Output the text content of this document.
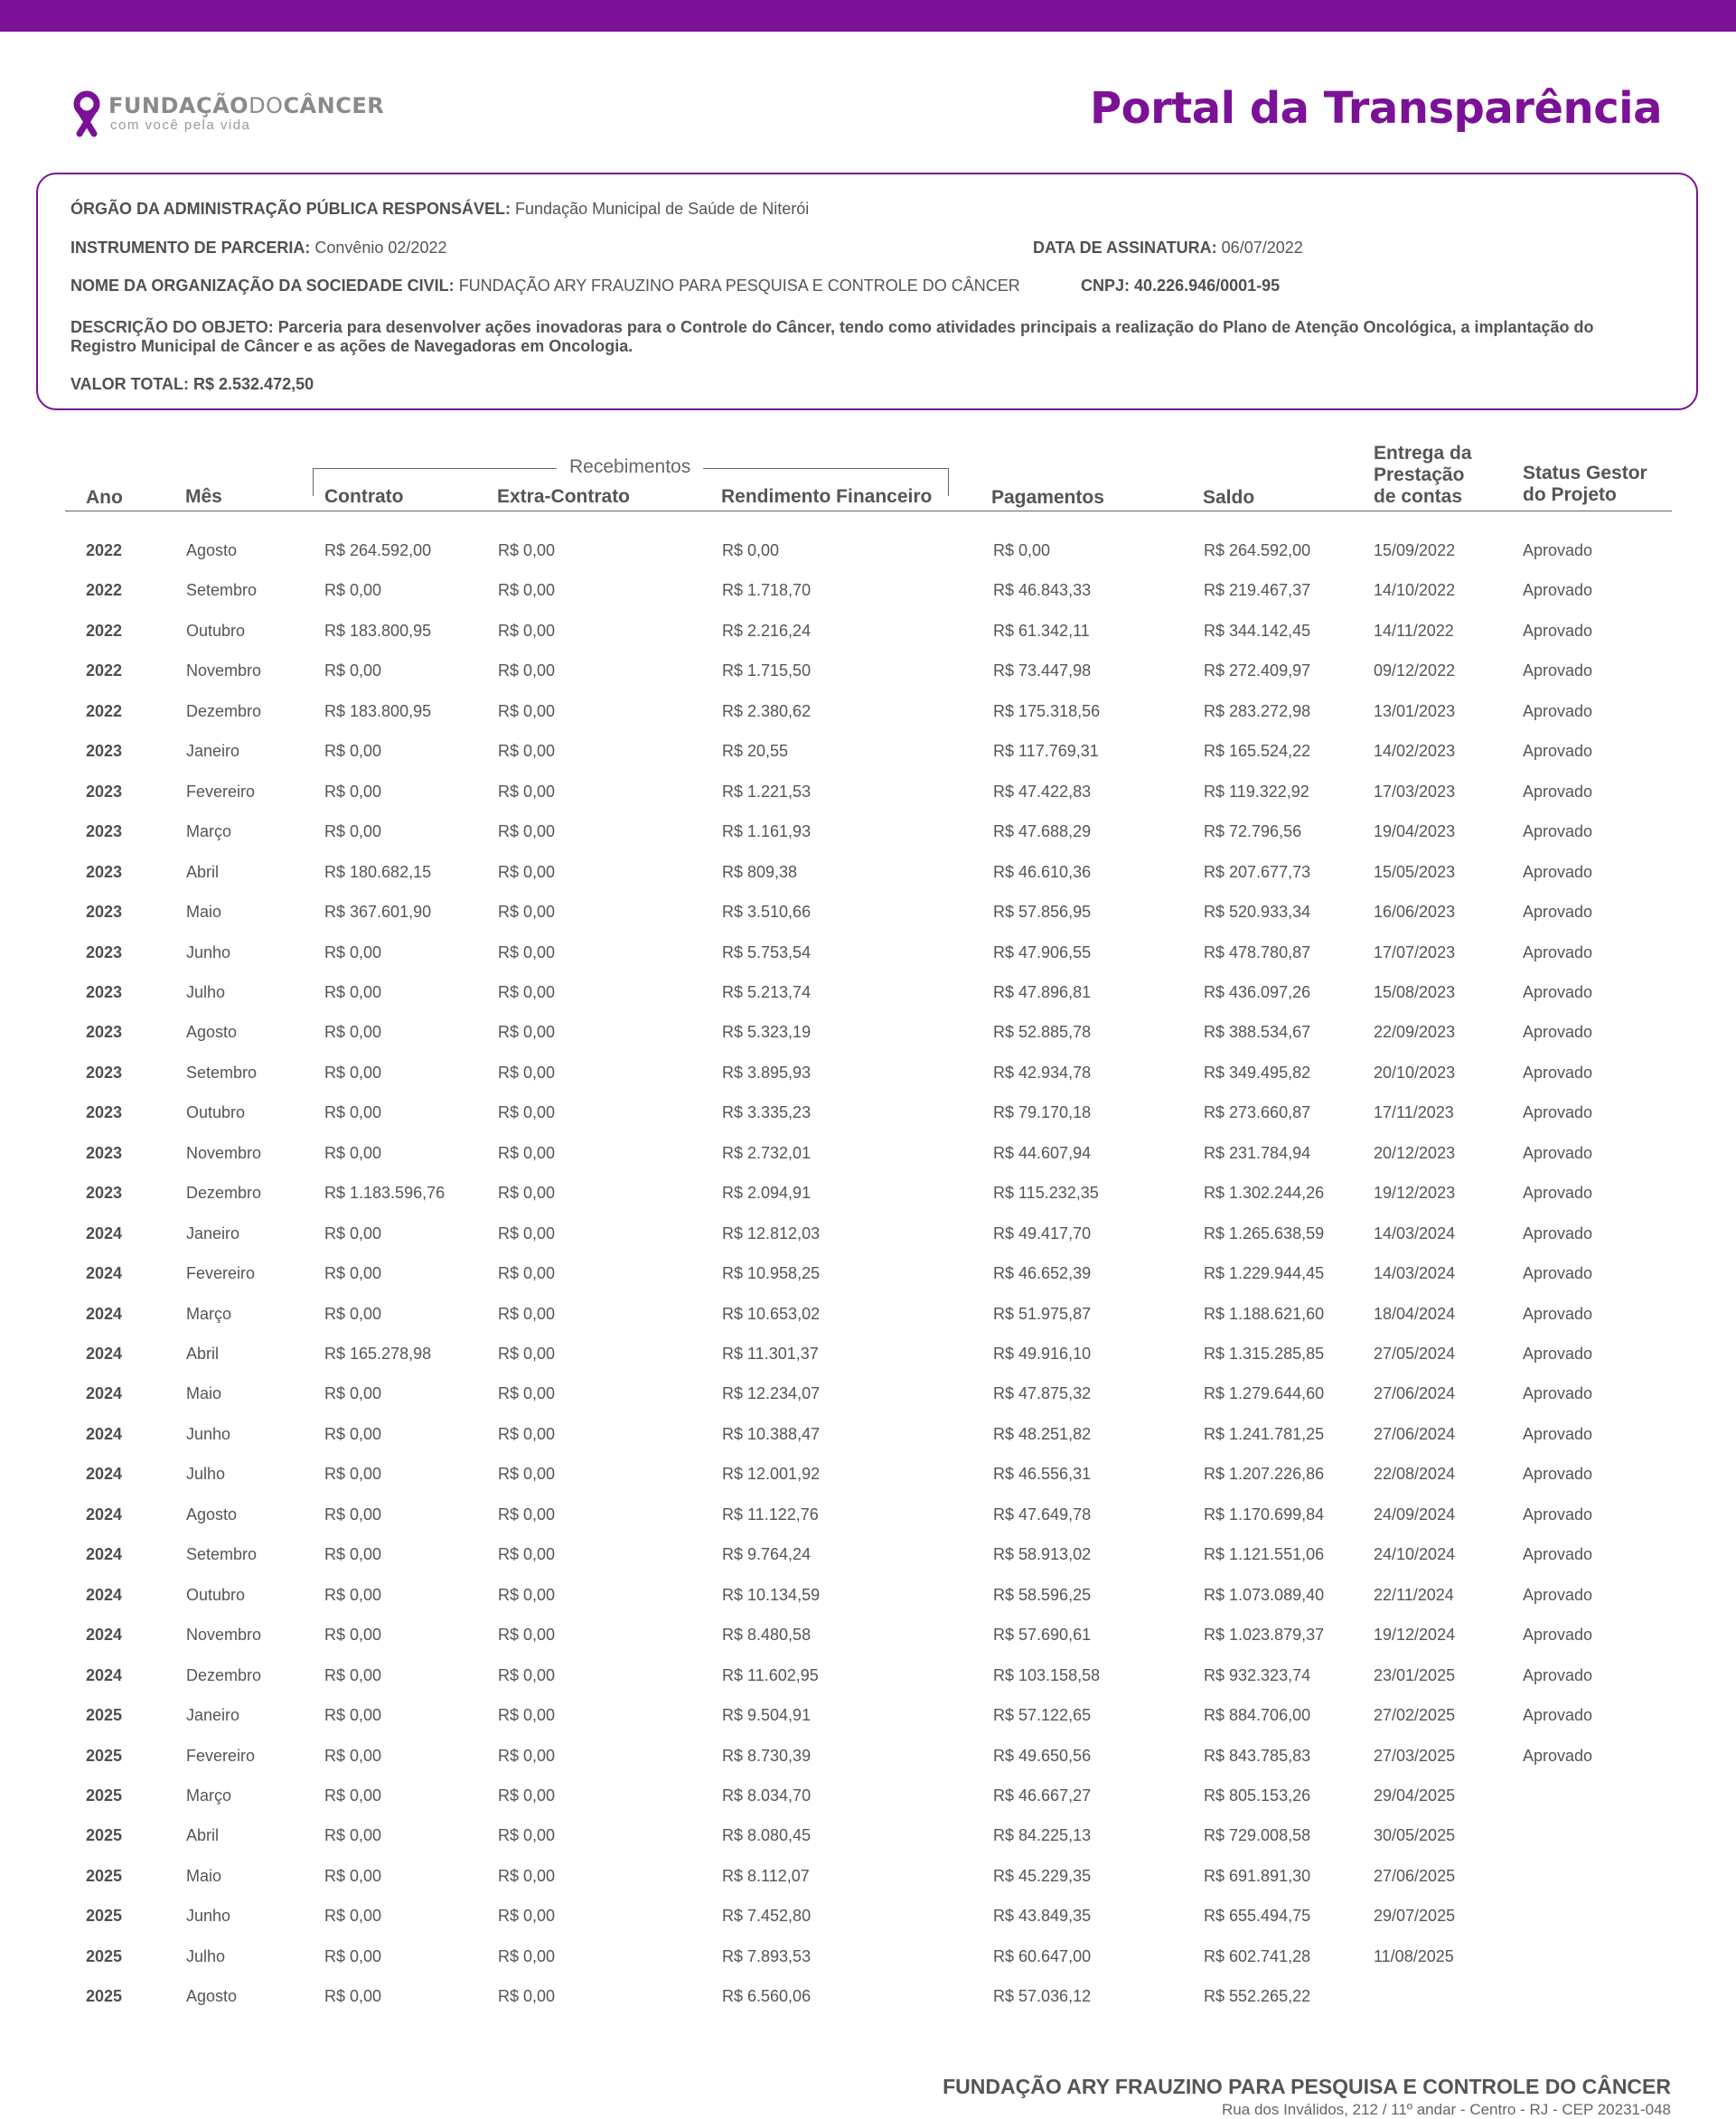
FUNDAÇÃODOCÂNCER
com você pela vida	Portal da Transparência
ÓRGÃO DA ADMINISTRAÇÃO PÚBLICA RESPONSÁVEL: Fundação Municipal de Saúde de Niterói
INSTRUMENTO DE PARCERIA: Convênio 02/2022	DATA DE ASSINATURA: 06/07/2022
NOME DA ORGANIZAÇÃO DA SOCIEDADE CIVIL: FUNDAÇÃO ARY FRAUZINO PARA PESQUISA E CONTROLE DO CÂNCER	CNPJ: 40.226.946/0001-95
DESCRIÇÃO DO OBJETO: Parceria para desenvolver ações inovadoras para o Controle do Câncer, tendo como atividades principais a realização do Plano de Atenção Oncológica, a implantação do Registro Municipal de Câncer e as ações de Navegadoras em Oncologia.
VALOR TOTAL: R$ 2.532.472,50
Recebimentos
Ano	Mês	Contrato	Extra-Contrato	Rendimento Financeiro	Pagamentos	Saldo
Entrega da
Prestação
de contas
Status Gestor
do Projeto
2022	Agosto	R$ 264.592,00	R$ 0,00	R$ 0,00	R$ 0,00	R$ 264.592,00	15/09/2022	Aprovado
2022	Setembro	R$ 0,00	R$ 0,00	R$ 1.718,70	R$ 46.843,33	R$ 219.467,37	14/10/2022	Aprovado
2022	Outubro	R$ 183.800,95	R$ 0,00	R$ 2.216,24	R$ 61.342,11	R$ 344.142,45	14/11/2022	Aprovado
2022	Novembro	R$ 0,00	R$ 0,00	R$ 1.715,50	R$ 73.447,98	R$ 272.409,97	09/12/2022	Aprovado
2022	Dezembro	R$ 183.800,95	R$ 0,00	R$ 2.380,62	R$ 175.318,56	R$ 283.272,98	13/01/2023	Aprovado
2023	Janeiro	R$ 0,00	R$ 0,00	R$ 20,55	R$ 117.769,31	R$ 165.524,22	14/02/2023	Aprovado
2023	Fevereiro	R$ 0,00	R$ 0,00	R$ 1.221,53	R$ 47.422,83	R$ 119.322,92	17/03/2023	Aprovado
2023	Março	R$ 0,00	R$ 0,00	R$ 1.161,93	R$ 47.688,29	R$ 72.796,56	19/04/2023	Aprovado
2023	Abril	R$ 180.682,15	R$ 0,00	R$ 809,38	R$ 46.610,36	R$ 207.677,73	15/05/2023	Aprovado
2023	Maio	R$ 367.601,90	R$ 0,00	R$ 3.510,66	R$ 57.856,95	R$ 520.933,34	16/06/2023	Aprovado
2023	Junho	R$ 0,00	R$ 0,00	R$ 5.753,54	R$ 47.906,55	R$ 478.780,87	17/07/2023	Aprovado
2023	Julho	R$ 0,00	R$ 0,00	R$ 5.213,74	R$ 47.896,81	R$ 436.097,26	15/08/2023	Aprovado
2023	Agosto	R$ 0,00	R$ 0,00	R$ 5.323,19	R$ 52.885,78	R$ 388.534,67	22/09/2023	Aprovado
2023	Setembro	R$ 0,00	R$ 0,00	R$ 3.895,93	R$ 42.934,78	R$ 349.495,82	20/10/2023	Aprovado
2023	Outubro	R$ 0,00	R$ 0,00	R$ 3.335,23	R$ 79.170,18	R$ 273.660,87	17/11/2023	Aprovado
2023	Novembro	R$ 0,00	R$ 0,00	R$ 2.732,01	R$ 44.607,94	R$ 231.784,94	20/12/2023	Aprovado
2023	Dezembro	R$ 1.183.596,76	R$ 0,00	R$ 2.094,91	R$ 115.232,35	R$ 1.302.244,26	19/12/2023	Aprovado
2024	Janeiro	R$ 0,00	R$ 0,00	R$ 12.812,03	R$ 49.417,70	R$ 1.265.638,59	14/03/2024	Aprovado
2024	Fevereiro	R$ 0,00	R$ 0,00	R$ 10.958,25	R$ 46.652,39	R$ 1.229.944,45	14/03/2024	Aprovado
2024	Março	R$ 0,00	R$ 0,00	R$ 10.653,02	R$ 51.975,87	R$ 1.188.621,60	18/04/2024	Aprovado
2024	Abril	R$ 165.278,98	R$ 0,00	R$ 11.301,37	R$ 49.916,10	R$ 1.315.285,85	27/05/2024	Aprovado
2024	Maio	R$ 0,00	R$ 0,00	R$ 12.234,07	R$ 47.875,32	R$ 1.279.644,60	27/06/2024	Aprovado
2024	Junho	R$ 0,00	R$ 0,00	R$ 10.388,47	R$ 48.251,82	R$ 1.241.781,25	27/06/2024	Aprovado
2024	Julho	R$ 0,00	R$ 0,00	R$ 12.001,92	R$ 46.556,31	R$ 1.207.226,86	22/08/2024	Aprovado
2024	Agosto	R$ 0,00	R$ 0,00	R$ 11.122,76	R$ 47.649,78	R$ 1.170.699,84	24/09/2024	Aprovado
2024	Setembro	R$ 0,00	R$ 0,00	R$ 9.764,24	R$ 58.913,02	R$ 1.121.551,06	24/10/2024	Aprovado
2024	Outubro	R$ 0,00	R$ 0,00	R$ 10.134,59	R$ 58.596,25	R$ 1.073.089,40	22/11/2024	Aprovado
2024	Novembro	R$ 0,00	R$ 0,00	R$ 8.480,58	R$ 57.690,61	R$ 1.023.879,37	19/12/2024	Aprovado
2024	Dezembro	R$ 0,00	R$ 0,00	R$ 11.602,95	R$ 103.158,58	R$ 932.323,74	23/01/2025	Aprovado
2025	Janeiro	R$ 0,00	R$ 0,00	R$ 9.504,91	R$ 57.122,65	R$ 884.706,00	27/02/2025	Aprovado
2025	Fevereiro	R$ 0,00	R$ 0,00	R$ 8.730,39	R$ 49.650,56	R$ 843.785,83	27/03/2025	Aprovado
2025	Março	R$ 0,00	R$ 0,00	R$ 8.034,70	R$ 46.667,27	R$ 805.153,26	29/04/2025
2025	Abril	R$ 0,00	R$ 0,00	R$ 8.080,45	R$ 84.225,13	R$ 729.008,58	30/05/2025
2025	Maio	R$ 0,00	R$ 0,00	R$ 8.112,07	R$ 45.229,35	R$ 691.891,30	27/06/2025
2025	Junho	R$ 0,00	R$ 0,00	R$ 7.452,80	R$ 43.849,35	R$ 655.494,75	29/07/2025
2025	Julho	R$ 0,00	R$ 0,00	R$ 7.893,53	R$ 60.647,00	R$ 602.741,28	11/08/2025
2025	Agosto	R$ 0,00	R$ 0,00	R$ 6.560,06	R$ 57.036,12	R$ 552.265,22
FUNDAÇÃO ARY FRAUZINO PARA PESQUISA E CONTROLE DO CÂNCER
Rua dos Inválidos, 212 / 11º andar - Centro - RJ - CEP 20231-048
